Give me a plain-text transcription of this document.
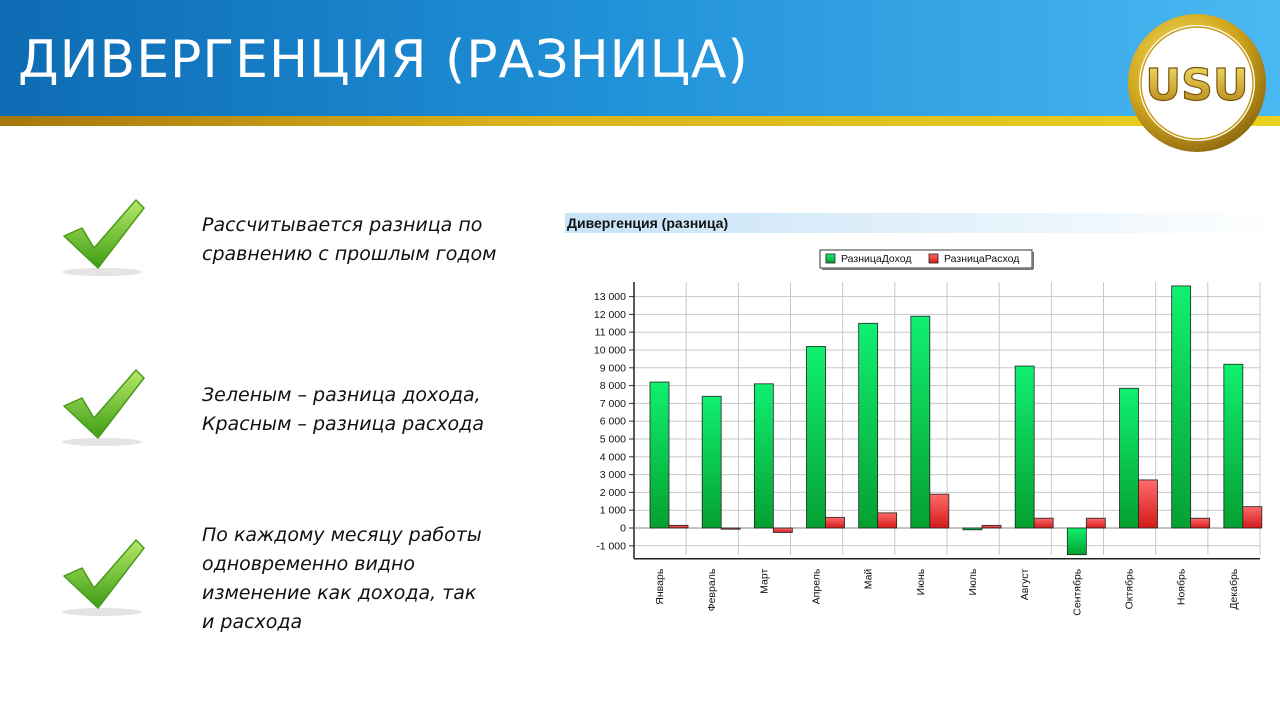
ДИВЕРГЕНЦИЯ (РАЗНИЦА)	USU

Рассчитывается разница по
сравнению с прошлым годом

Зеленым – разница дохода,
Красным – разница расхода

По каждому месяцу работы
одновременно видно
изменение как дохода, так
и расхода

Дивергенция (разница)

13 000
12 000
11 000
10 000
9 000
8 000
7 000
6 000
5 000
4 000
3 000
2 000
1 000
0
-1 000
Январь	Февраль	Март	Апрель	Май	Июнь	Июль	Август	Сентябрь	Октябрь	Ноябрь	Декабрь
РазницаДоход	РазницаРасход
